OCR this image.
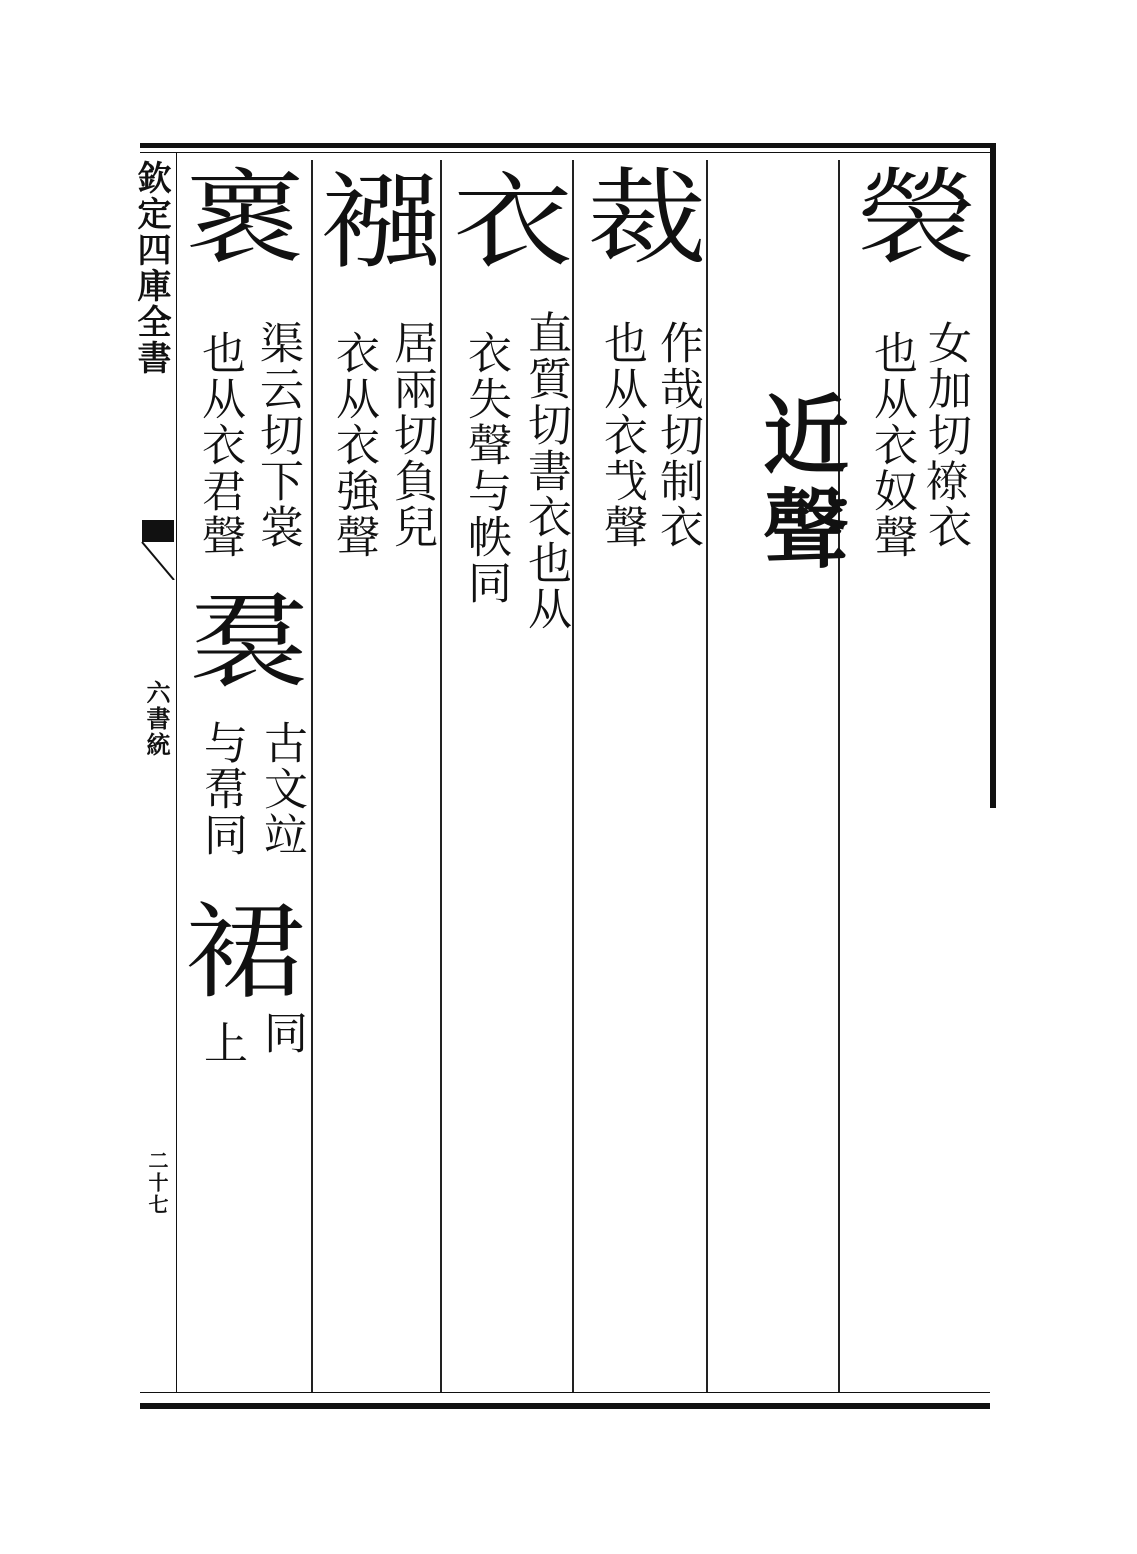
欽定四庫全書
六書統
二十七
褮
女加切𧝜衣
也从衣奴聲
近聲
裁
作哉切制衣
也从衣𢦏聲
衣
直質切書衣也从
衣失聲与帙同
襁
居兩切負兒
衣从衣強聲
褱
渠云切下裳
也从衣君聲
裠
古文竝
与帬同
裙
同
上
